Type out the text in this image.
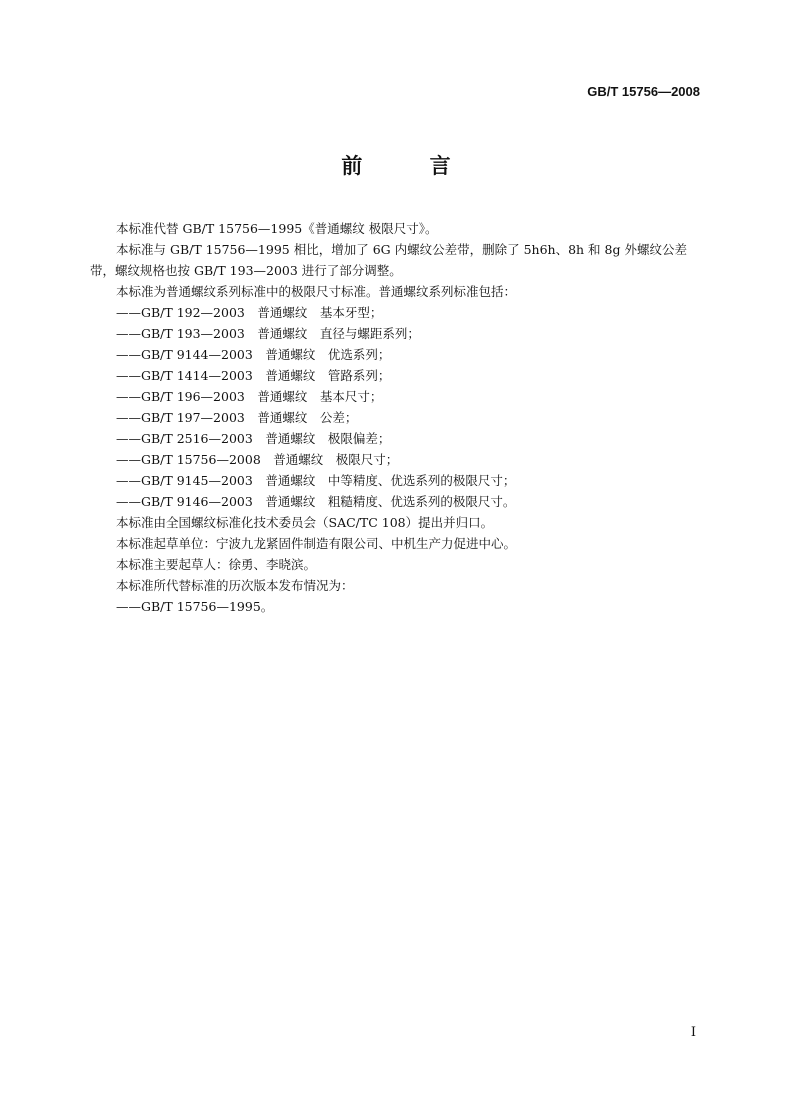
GB/T 15756—2008
前 言

本标准代替 GB/T 15756—1995《普通螺纹 极限尺寸》。

本标准与 GB/T 15756—1995 相比，增加了 6G 内螺纹公差带，删除了 5h6h、8h 和 8g 外螺纹公差带，螺纹规格也按 GB/T 193—2003 进行了部分调整。

本标准为普通螺纹系列标准中的极限尺寸标准。普通螺纹系列标准包括：

——GB/T 192—2003　普通螺纹　基本牙型；

——GB/T 193—2003　普通螺纹　直径与螺距系列；

——GB/T 9144—2003　普通螺纹　优选系列；

——GB/T 1414—2003　普通螺纹　管路系列；

——GB/T 196—2003　普通螺纹　基本尺寸；

——GB/T 197—2003　普通螺纹　公差；

——GB/T 2516—2003　普通螺纹　极限偏差；

——GB/T 15756—2008　普通螺纹　极限尺寸；

——GB/T 9145—2003　普通螺纹　中等精度、优选系列的极限尺寸；

——GB/T 9146—2003　普通螺纹　粗糙精度、优选系列的极限尺寸。

本标准由全国螺纹标准化技术委员会（SAC/TC 108）提出并归口。

本标准起草单位：宁波九龙紧固件制造有限公司、中机生产力促进中心。

本标准主要起草人：徐勇、李晓滨。

本标准所代替标准的历次版本发布情况为：

——GB/T 15756—1995。

I
